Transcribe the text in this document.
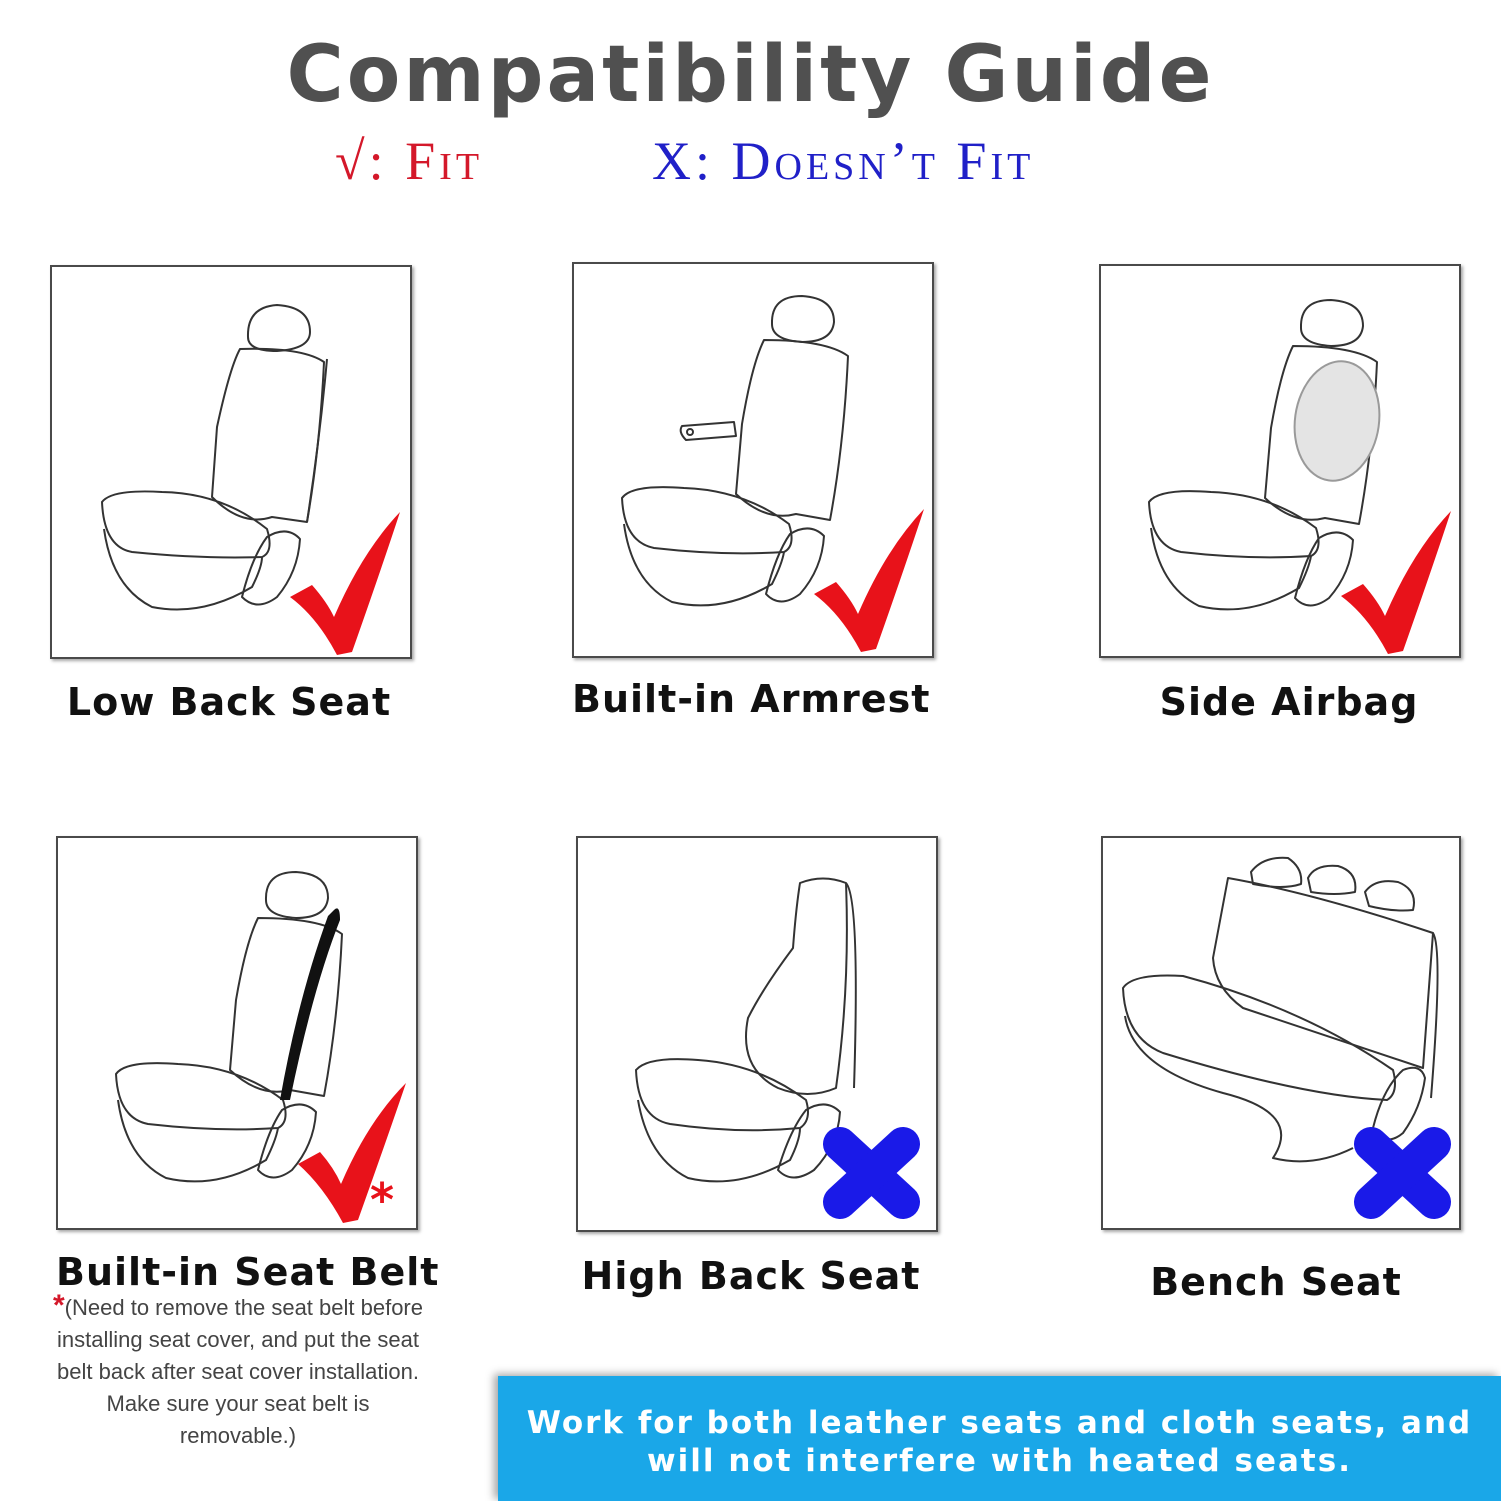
Compatibility Guide
√: Fit	X: Doesn’t Fit
Low Back Seat	Built-in Armrest	Side Airbag
*
Built-in Seat Belt
*(Need to remove the seat belt before
installing seat cover, and put the seat
belt back after seat cover installation.
Make sure your seat belt is removable.)
High Back Seat	Bench Seat
Work for both leather seats and cloth seats, and
will not interfere with heated seats.
